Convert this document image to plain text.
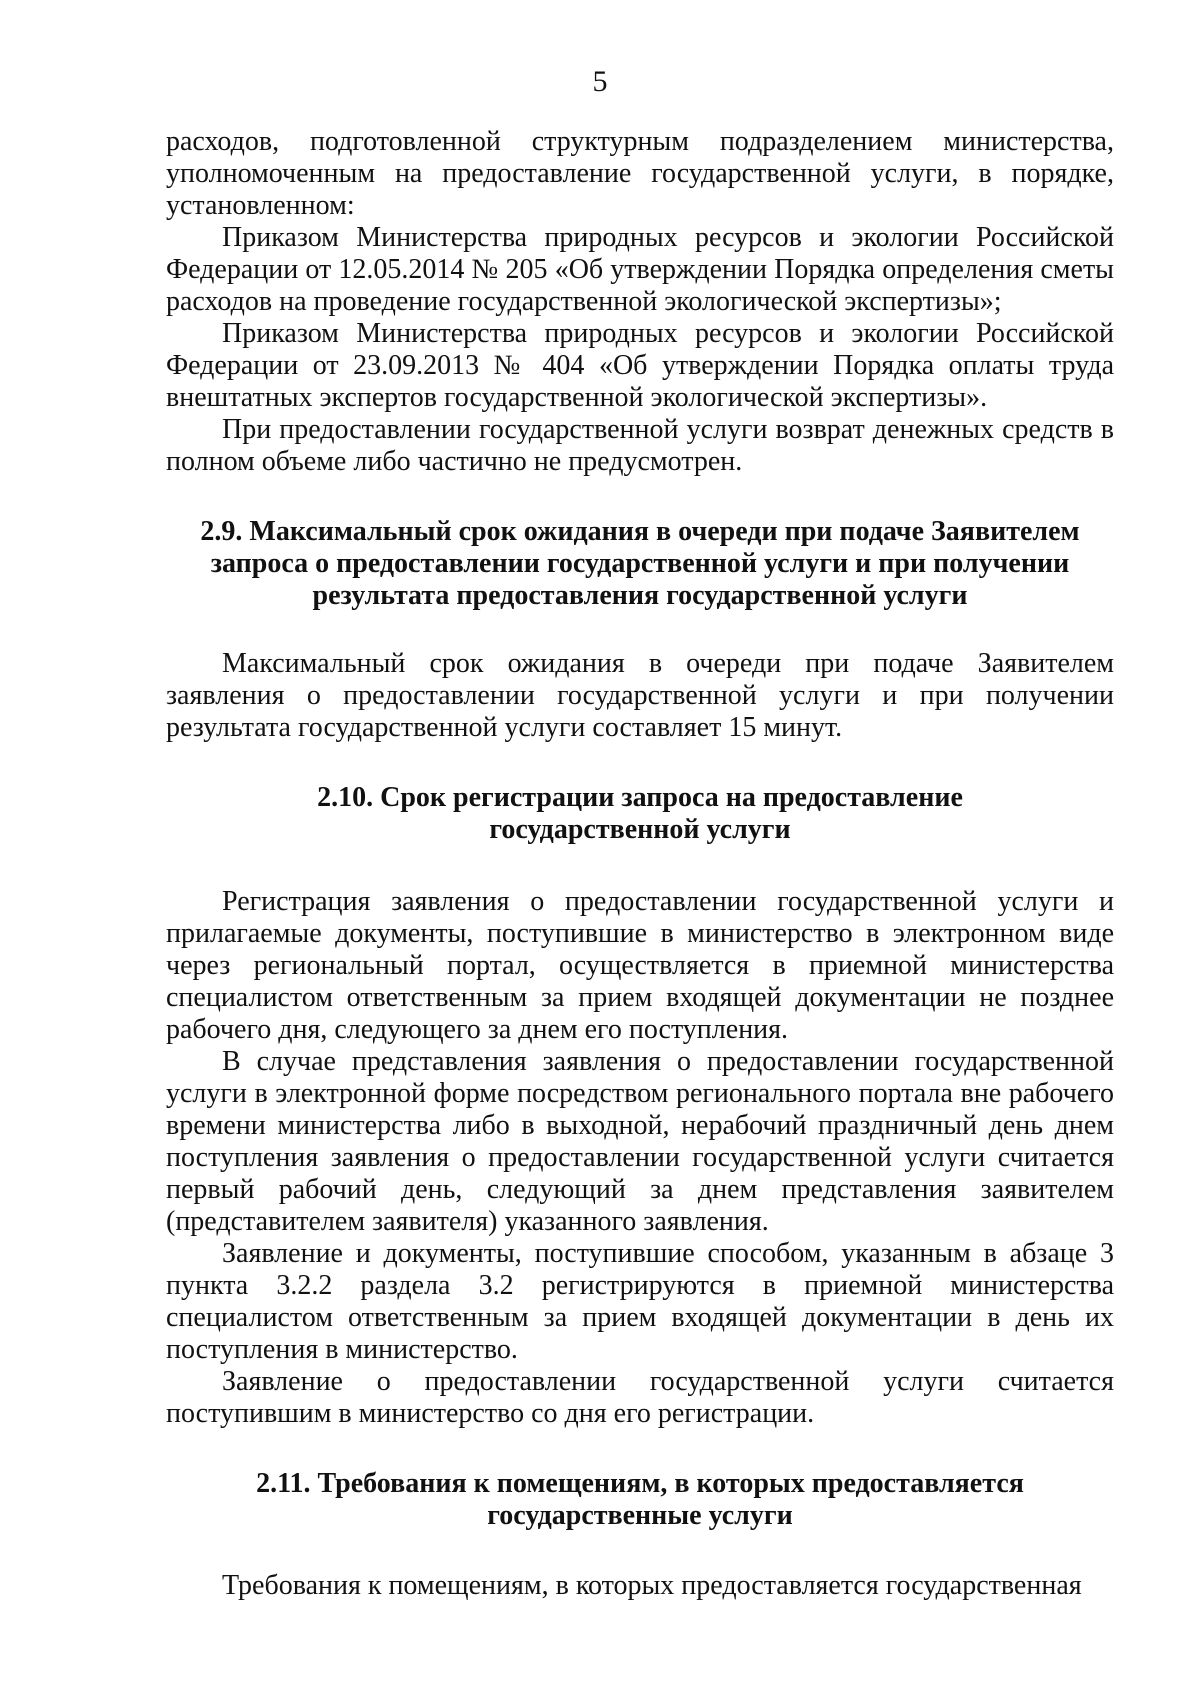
5

расходов, подготовленной структурным подразделением министерства, уполномоченным на предоставление государственной услуги, в порядке, установленном:

Приказом Министерства природных ресурсов и экологии Российской Федерации от 12.05.2014 № 205 «Об утверждении Порядка определения сметы расходов на проведение государственной экологической экспертизы»;

Приказом Министерства природных ресурсов и экологии Российской Федерации от 23.09.2013 № 404 «Об утверждении Порядка оплаты труда внештатных экспертов государственной экологической экспертизы».

При предоставлении государственной услуги возврат денежных средств в полном объеме либо частично не предусмотрен.

2.9. Максимальный срок ожидания в очереди при подаче Заявителем
запроса о предоставлении государственной услуги и при получении
результата предоставления государственной услуги

Максимальный срок ожидания в очереди при подаче Заявителем заявления о предоставлении государственной услуги и при получении результата государственной услуги составляет 15 минут.

2.10. Срок регистрации запроса на предоставление
государственной услуги

Регистрация заявления о предоставлении государственной услуги и прилагаемые документы, поступившие в министерство в электронном виде через региональный портал, осуществляется в приемной министерства специалистом ответственным за прием входящей документации не позднее рабочего дня, следующего за днем его поступления.

В случае представления заявления о предоставлении государственной услуги в электронной форме посредством регионального портала вне рабочего времени министерства либо в выходной, нерабочий праздничный день днем поступления заявления о предоставлении государственной услуги считается первый рабочий день, следующий за днем представления заявителем (представителем заявителя) указанного заявления.

Заявление и документы, поступившие способом, указанным в абзаце 3 пункта 3.2.2 раздела 3.2 регистрируются в приемной министерства специалистом ответственным за прием входящей документации в день их поступления в министерство.

Заявление о предоставлении государственной услуги считается поступившим в министерство со дня его регистрации.

2.11. Требования к помещениям, в которых предоставляется
государственные услуги

Требования к помещениям, в которых предоставляется государственная
